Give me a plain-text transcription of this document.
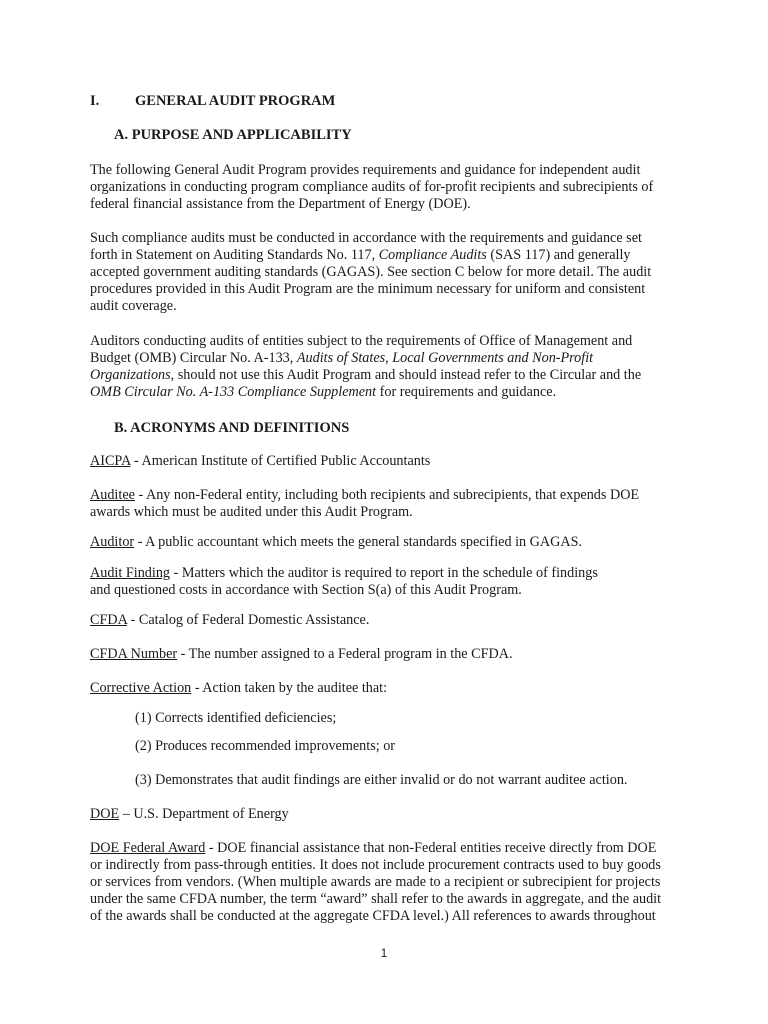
I. GENERAL AUDIT PROGRAM
A. PURPOSE AND APPLICABILITY

The following General Audit Program provides requirements and guidance for independent audit
organizations in conducting program compliance audits of for-profit recipients and subrecipients of
federal financial assistance from the Department of Energy (DOE).

Such compliance audits must be conducted in accordance with the requirements and guidance set
forth in Statement on Auditing Standards No. 117, Compliance Audits (SAS 117) and generally
accepted government auditing standards (GAGAS). See section C below for more detail. The audit
procedures provided in this Audit Program are the minimum necessary for uniform and consistent
audit coverage.

Auditors conducting audits of entities subject to the requirements of Office of Management and
Budget (OMB) Circular No. A-133, Audits of States, Local Governments and Non-Profit
Organizations, should not use this Audit Program and should instead refer to the Circular and the
OMB Circular No. A-133 Compliance Supplement for requirements and guidance.

B. ACRONYMS AND DEFINITIONS

AICPA - American Institute of Certified Public Accountants

Auditee - Any non-Federal entity, including both recipients and subrecipients, that expends DOE
awards which must be audited under this Audit Program.

Auditor - A public accountant which meets the general standards specified in GAGAS.

Audit Finding - Matters which the auditor is required to report in the schedule of findings
and questioned costs in accordance with Section S(a) of this Audit Program.

CFDA - Catalog of Federal Domestic Assistance.

CFDA Number - The number assigned to a Federal program in the CFDA.

Corrective Action - Action taken by the auditee that:

(1) Corrects identified deficiencies;
(2) Produces recommended improvements; or
(3) Demonstrates that audit findings are either invalid or do not warrant auditee action.

DOE – U.S. Department of Energy

DOE Federal Award - DOE financial assistance that non-Federal entities receive directly from DOE
or indirectly from pass-through entities. It does not include procurement contracts used to buy goods
or services from vendors. (When multiple awards are made to a recipient or subrecipient for projects
under the same CFDA number, the term “award” shall refer to the awards in aggregate, and the audit
of the awards shall be conducted at the aggregate CFDA level.) All references to awards throughout

1
